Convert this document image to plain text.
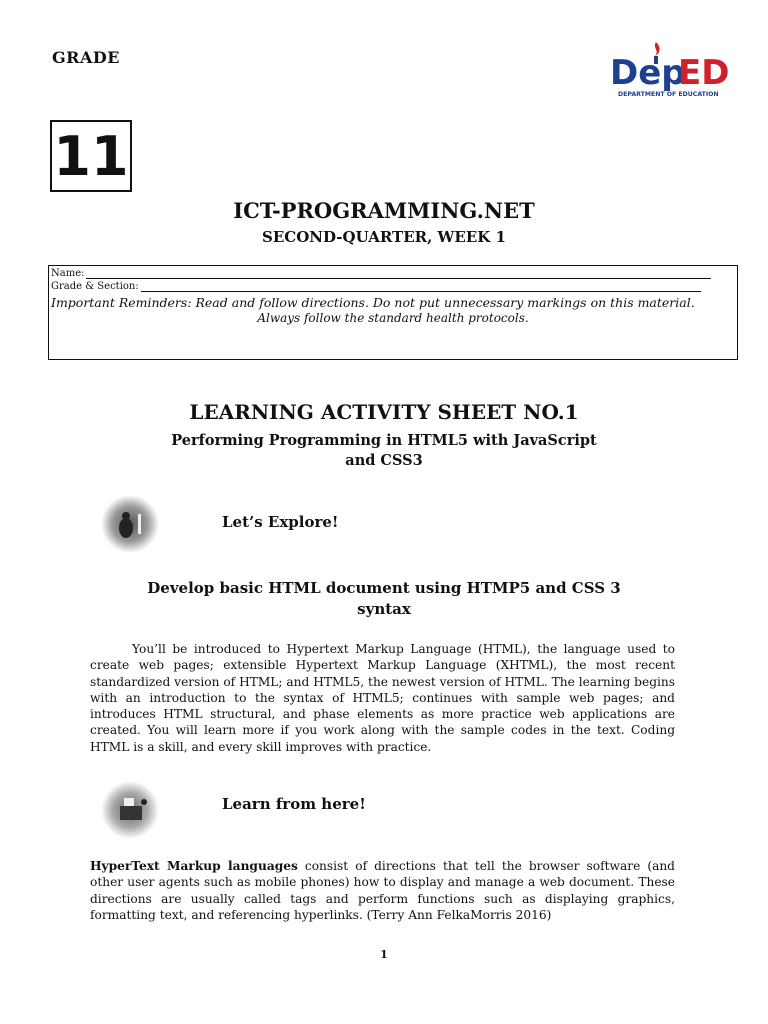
GRADE
11
Dep
ED
DEPARTMENT OF EDUCATION
ICT-PROGRAMMING.NET
SECOND-QUARTER, WEEK 1
Name:
Grade & Section:
Important Reminders: Read and follow directions. Do not put unnecessary markings on this material.
Always follow the standard health protocols.
LEARNING ACTIVITY SHEET NO.1
Performing Programming in HTML5 with JavaScript
and CSS3
Let’s Explore!
Develop basic HTML document using HTMP5 and CSS 3
syntax
You’ll be introduced to Hypertext Markup Language (HTML), the language used to create web pages; extensible Hypertext Markup Language (XHTML), the most recent standardized version of HTML; and HTML5, the newest version of HTML. The learning begins with an introduction to the syntax of HTML5; continues with sample web pages; and introduces HTML structural, and phase elements as more practice web applications are created. You will learn more if you work along with the sample codes in the text. Coding HTML is a skill, and every skill improves with practice.
Learn from here!
HyperText Markup languages consist of directions that tell the browser software (and other user agents such as mobile phones) how to display and manage a web document. These directions are usually called tags and perform functions such as displaying graphics, formatting text, and referencing hyperlinks. (Terry Ann FelkaMorris 2016)
1
